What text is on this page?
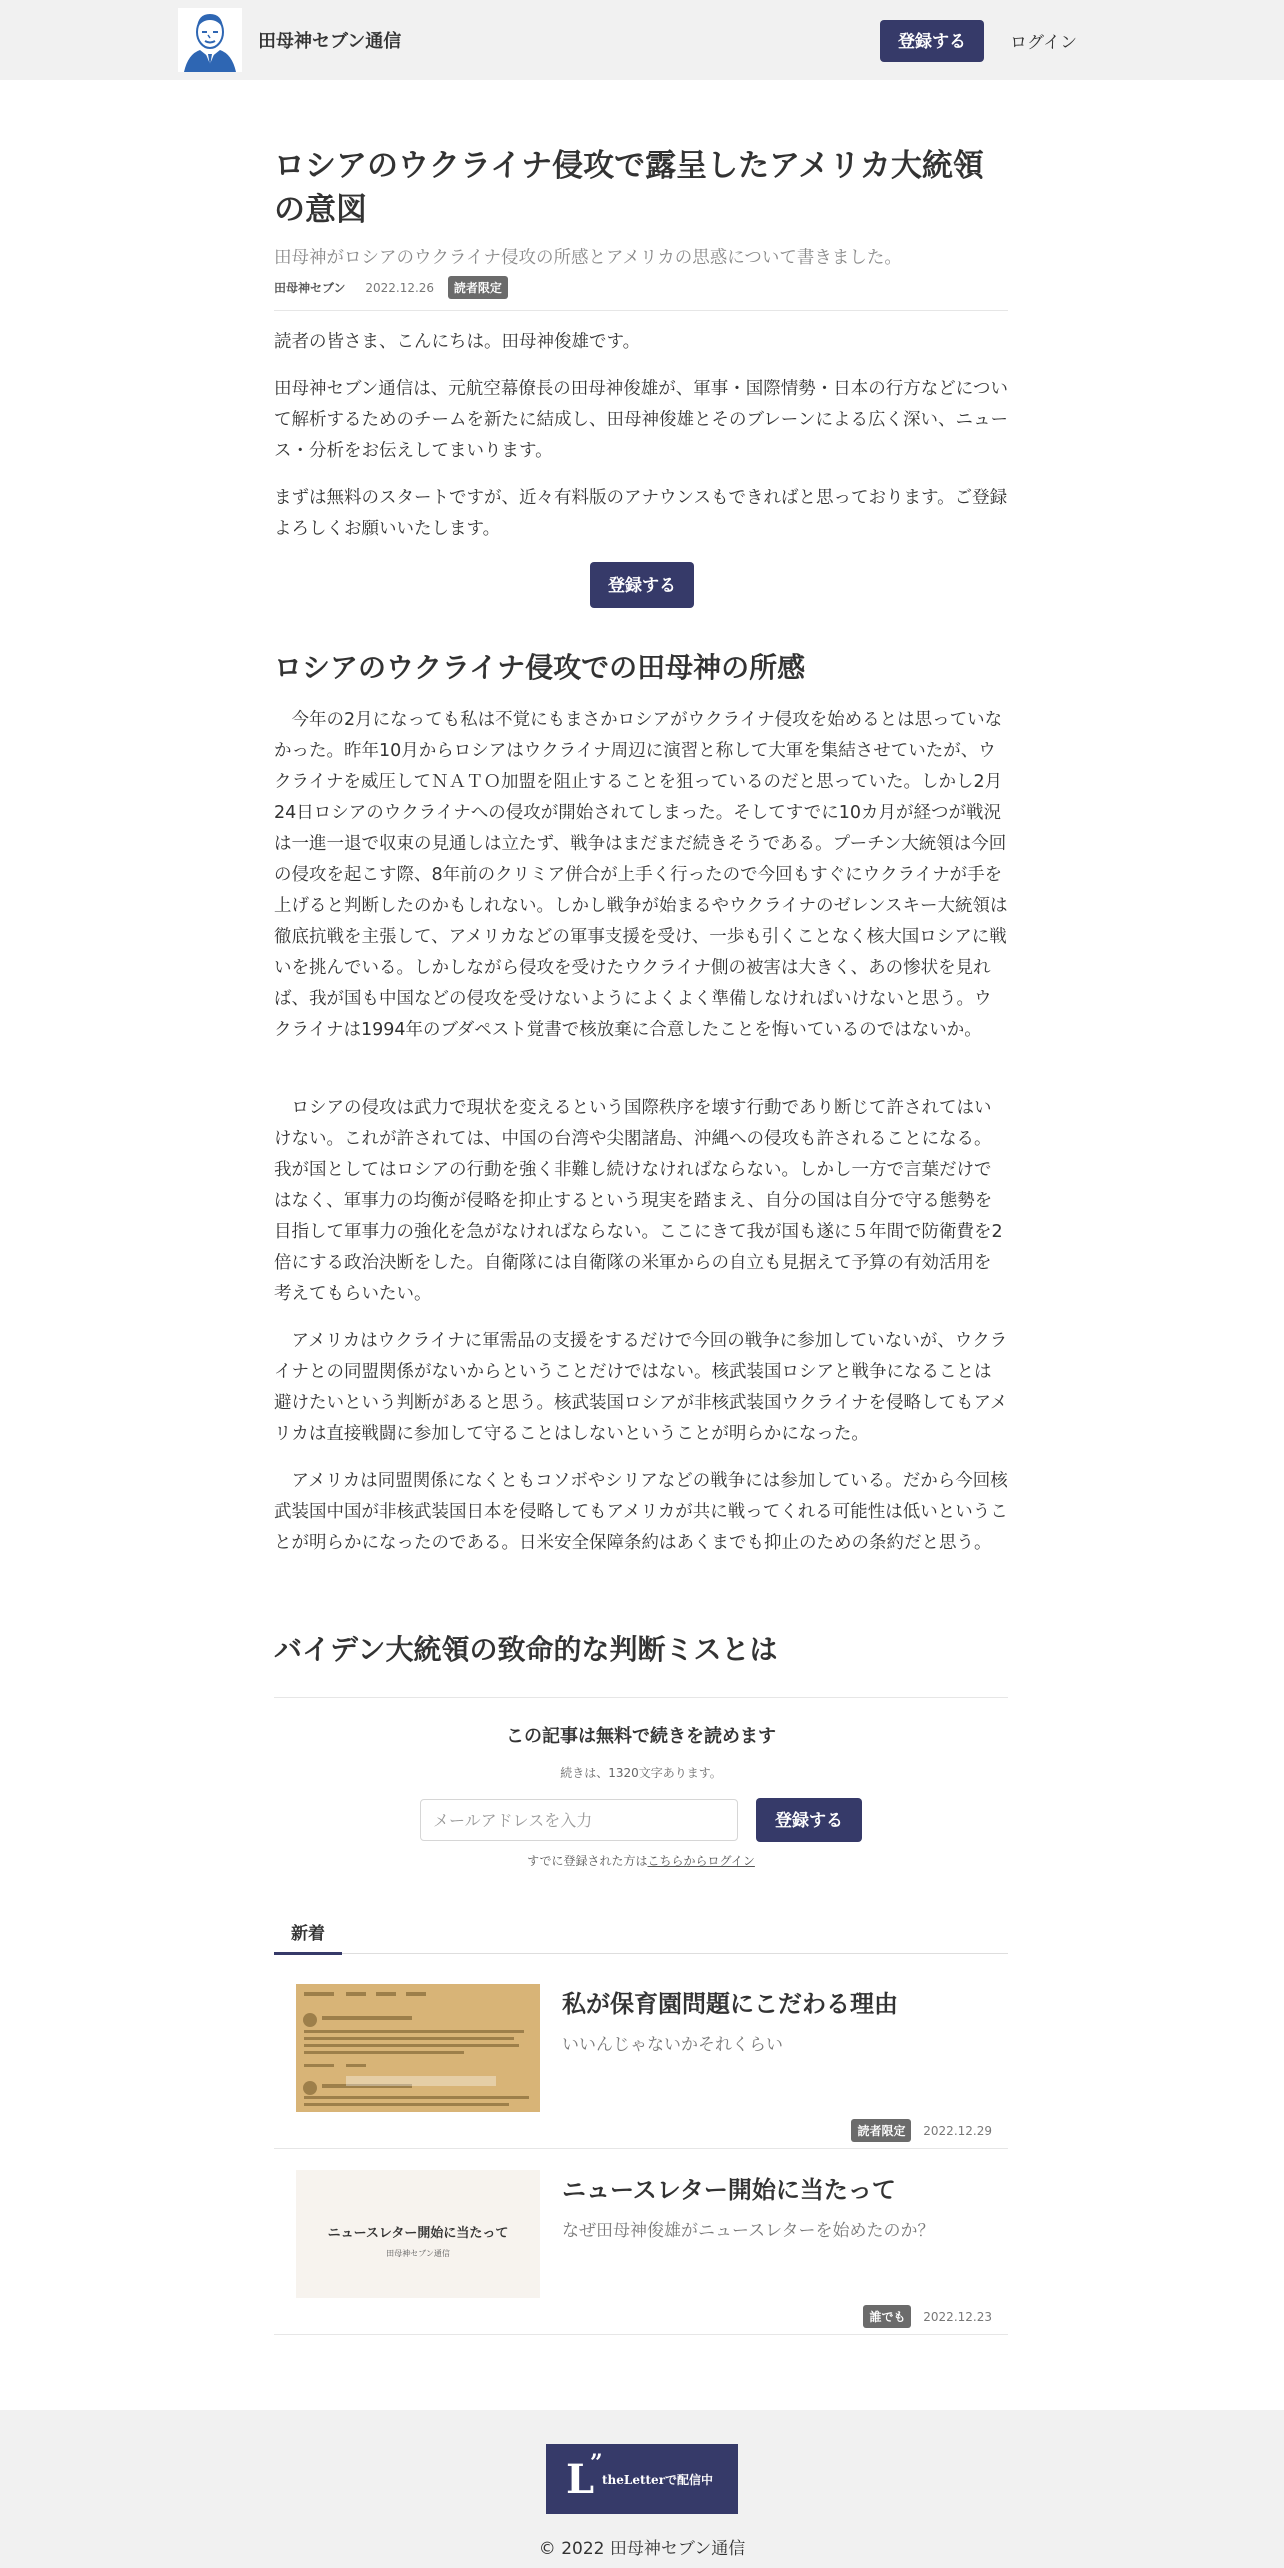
田母神セブン通信	登録する	ログイン
ロシアのウクライナ侵攻で露呈したアメリカ大統領の意図
田母神がロシアのウクライナ侵攻の所感とアメリカの思惑について書きました。
田母神セブン 2022.12.26 読者限定

読者の皆さま、こんにちは。田母神俊雄です。

田母神セブン通信は、元航空幕僚長の田母神俊雄が、軍事・国際情勢・日本の行方などについて解析するためのチームを新たに結成し、田母神俊雄とそのブレーンによる広く深い、ニュース・分析をお伝えしてまいります。

まずは無料のスタートですが、近々有料版のアナウンスもできればと思っております。ご登録よろしくお願いいたします。

登録する
ロシアのウクライナ侵攻での田母神の所感

今年の2月になっても私は不覚にもまさかロシアがウクライナ侵攻を始めるとは思っていなかった。昨年10月からロシアはウクライナ周辺に演習と称して大軍を集結させていたが、ウクライナを威圧してＮＡＴＯ加盟を阻止することを狙っているのだと思っていた。しかし2月24日ロシアのウクライナへの侵攻が開始されてしまった。そしてすでに10カ月が経つが戦況は一進一退で収束の見通しは立たず、戦争はまだまだ続きそうである。プーチン大統領は今回の侵攻を起こす際、8年前のクリミア併合が上手く行ったので今回もすぐにウクライナが手を上げると判断したのかもしれない。しかし戦争が始まるやウクライナのゼレンスキー大統領は徹底抗戦を主張して、アメリカなどの軍事支援を受け、一歩も引くことなく核大国ロシアに戦いを挑んでいる。しかしながら侵攻を受けたウクライナ側の被害は大きく、あの惨状を見れば、我が国も中国などの侵攻を受けないようによくよく準備しなければいけないと思う。ウクライナは1994年のブダペスト覚書で核放棄に合意したことを悔いているのではないか。

ロシアの侵攻は武力で現状を変えるという国際秩序を壊す行動であり断じて許されてはいけない。これが許されては、中国の台湾や尖閣諸島、沖縄への侵攻も許されることになる。我が国としてはロシアの行動を強く非難し続けなければならない。しかし一方で言葉だけではなく、軍事力の均衡が侵略を抑止するという現実を踏まえ、自分の国は自分で守る態勢を目指して軍事力の強化を急がなければならない。ここにきて我が国も遂に５年間で防衛費を2倍にする政治決断をした。自衛隊には自衛隊の米軍からの自立も見据えて予算の有効活用を考えてもらいたい。

アメリカはウクライナに軍需品の支援をするだけで今回の戦争に参加していないが、ウクライナとの同盟関係がないからということだけではない。核武装国ロシアと戦争になることは避けたいという判断があると思う。核武装国ロシアが非核武装国ウクライナを侵略してもアメリカは直接戦闘に参加して守ることはしないということが明らかになった。

アメリカは同盟関係になくともコソボやシリアなどの戦争には参加している。だから今回核武装国中国が非核武装国日本を侵略してもアメリカが共に戦ってくれる可能性は低いということが明らかになったのである。日米安全保障条約はあくまでも抑止のための条約だと思う。

バイデン大統領の致命的な判断ミスとは
この記事は無料で続きを読めます
続きは、1320文字あります。
メールアドレスを入力
登録する
すでに登録された方はこちらからログイン
新着
私が保育園問題にこだわる理由
いいんじゃないかそれくらい
読者限定 2022.12.29
ニュースレター開始に当たって
田母神セブン通信
ニュースレター開始に当たって
なぜ田母神俊雄がニュースレターを始めたのか？
誰でも 2022.12.23
L
”
theLetterで配信中
© 2022 田母神セブン通信
